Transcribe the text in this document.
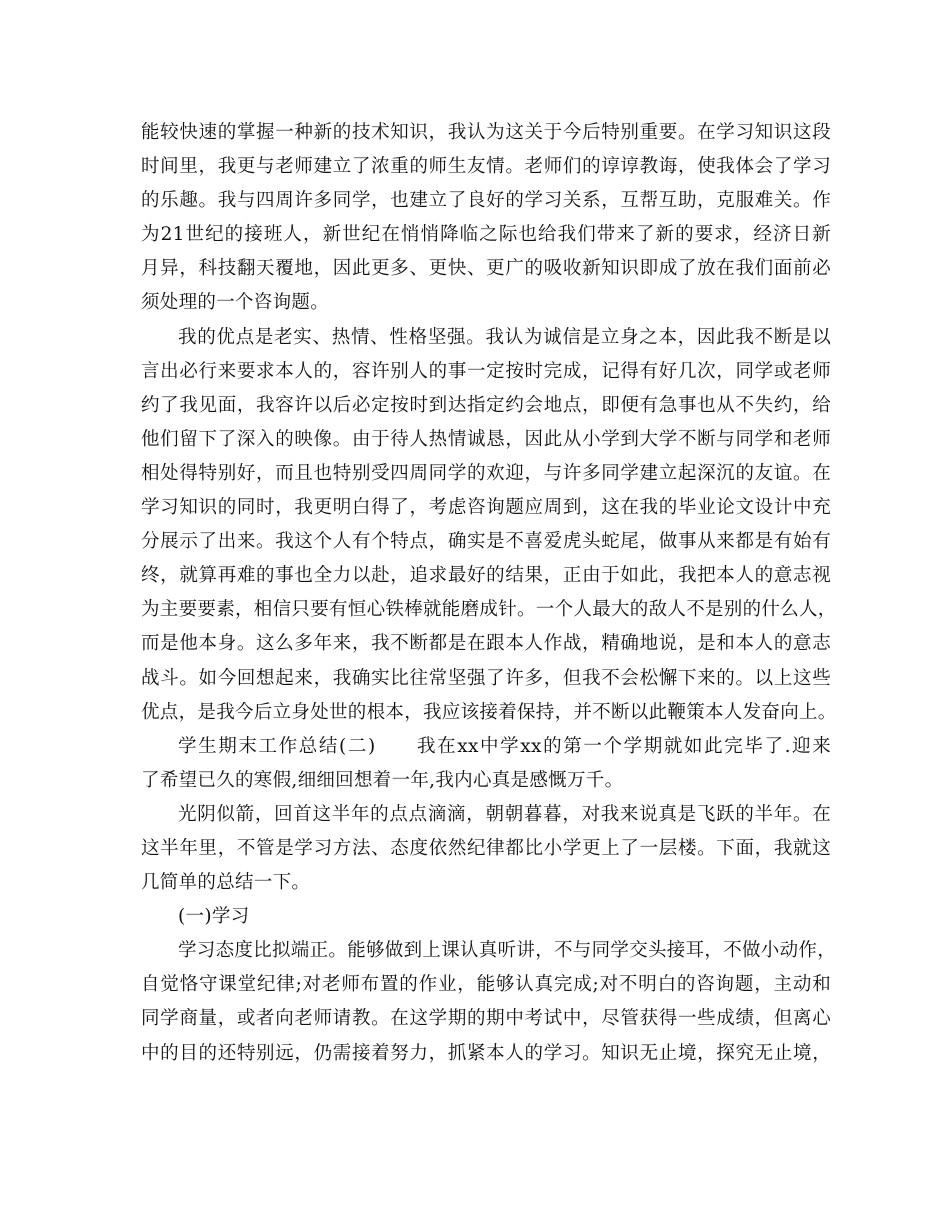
能较快速的掌握一种新的技术知识，我认为这关于今后特别重要。在学习知识这段
时间里，我更与老师建立了浓重的师生友情。老师们的谆谆教诲，使我体会了学习
的乐趣。我与四周许多同学，也建立了良好的学习关系，互帮互助，克服难关。作
为21世纪的接班人，新世纪在悄悄降临之际也给我们带来了新的要求，经济日新
月异，科技翻天覆地，因此更多、更快、更广的吸收新知识即成了放在我们面前必
须处理的一个咨询题。

我的优点是老实、热情、性格坚强。我认为诚信是立身之本，因此我不断是以
言出必行来要求本人的，容许别人的事一定按时完成，记得有好几次，同学或老师
约了我见面，我容许以后必定按时到达指定约会地点，即便有急事也从不失约，给
他们留下了深入的映像。由于待人热情诚恳，因此从小学到大学不断与同学和老师
相处得特别好，而且也特别受四周同学的欢迎，与许多同学建立起深沉的友谊。在
学习知识的同时，我更明白得了，考虑咨询题应周到，这在我的毕业论文设计中充
分展示了出来。我这个人有个特点，确实是不喜爱虎头蛇尾，做事从来都是有始有
终，就算再难的事也全力以赴，追求最好的结果，正由于如此，我把本人的意志视
为主要要素，相信只要有恒心铁棒就能磨成针。一个人最大的敌人不是别的什么人，
而是他本身。这么多年来，我不断都是在跟本人作战，精确地说，是和本人的意志
战斗。如今回想起来，我确实比往常坚强了许多，但我不会松懈下来的。以上这些
优点，是我今后立身处世的根本，我应该接着保持，并不断以此鞭策本人发奋向上。

学生期末工作总结(二)　　我在xx中学xx的第一个学期就如此完毕了.迎来
了希望已久的寒假,细细回想着一年,我内心真是感慨万千。

光阴似箭，回首这半年的点点滴滴，朝朝暮暮，对我来说真是飞跃的半年。在
这半年里，不管是学习方法、态度依然纪律都比小学更上了一层楼。下面，我就这
几简单的总结一下。

(一)学习

学习态度比拟端正。能够做到上课认真听讲，不与同学交头接耳，不做小动作，
自觉恪守课堂纪律;对老师布置的作业，能够认真完成;对不明白的咨询题，主动和
同学商量，或者向老师请教。在这学期的期中考试中，尽管获得一些成绩，但离心
中的目的还特别远，仍需接着努力，抓紧本人的学习。知识无止境，探究无止境，
